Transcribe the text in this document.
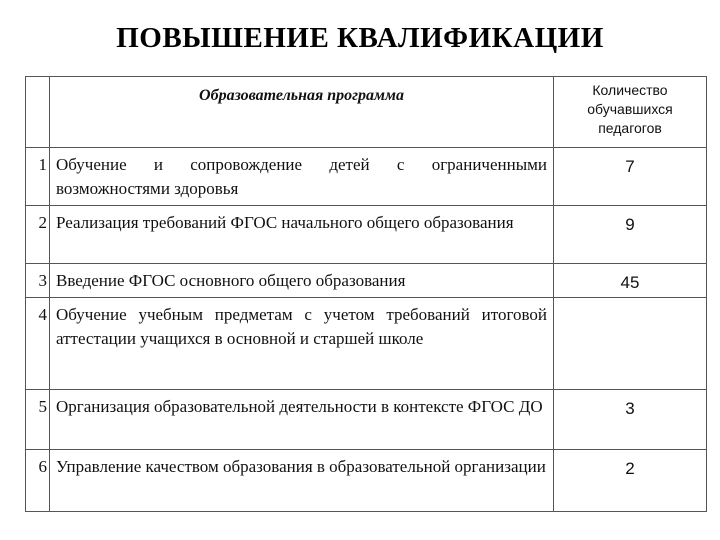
ПОВЫШЕНИЕ КВАЛИФИКАЦИИ
	Образовательная программа	Количество
обучавшихся педагогов

1	Обучение и сопровождение детей с ограниченными возможностями здоровья	7
2	Реализация требований ФГОС начального общего образования	9
3	Введение ФГОС основного общего образования	45
4	Обучение учебным предметам с учетом требований итоговой аттестации учащихся в основной и старшей школе	
5	Организация образовательной деятельности в контексте ФГОС ДО	3
6	Управление качеством образования в образовательной организации	2
